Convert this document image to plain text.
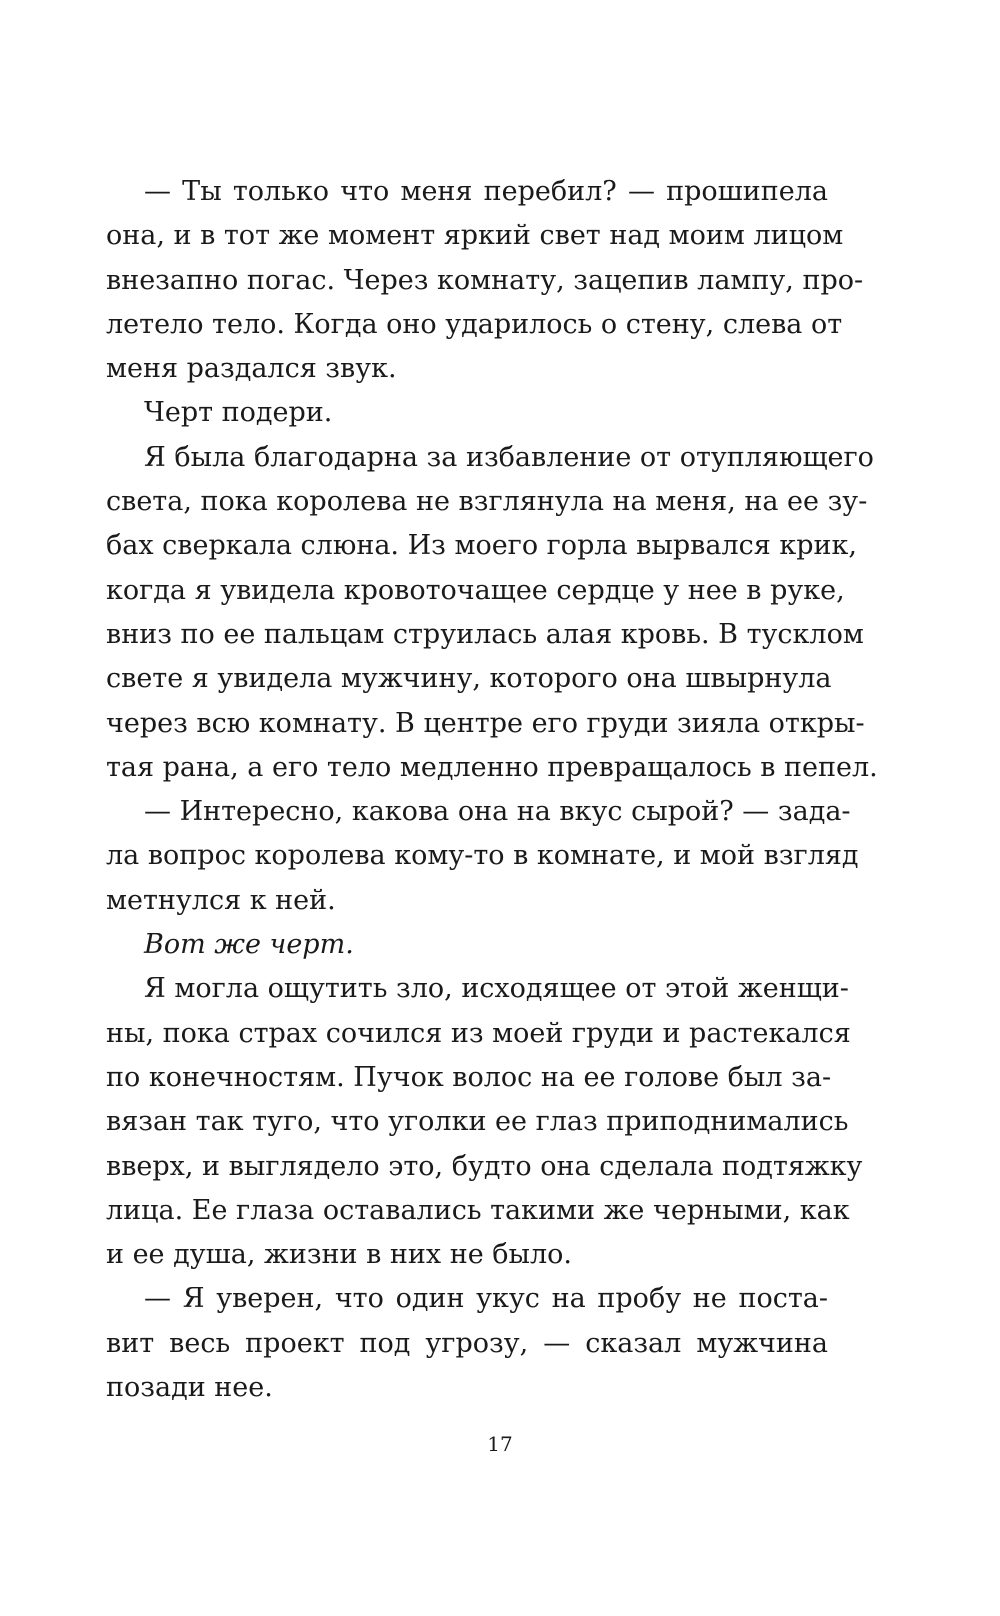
— Ты только что меня перебил? — прошипела
она, и в тот же момент яркий свет над моим лицом
внезапно погас. Через комнату, зацепив лампу, про-
летело тело. Когда оно ударилось о стену, слева от
меня раздался звук.
Черт подери.
Я была благодарна за избавление от отупляющего
света, пока королева не взглянула на меня, на ее зу-
бах сверкала слюна. Из моего горла вырвался крик,
когда я увидела кровоточащее сердце у нее в руке,
вниз по ее пальцам струилась алая кровь. В тусклом
свете я увидела мужчину, которого она швырнула
через всю комнату. В центре его груди зияла откры-
тая рана, а его тело медленно превращалось в пепел.
— Интересно, какова она на вкус сырой? — зада-
ла вопрос королева кому-то в комнате, и мой взгляд
метнулся к ней.
Вот же черт.
Я могла ощутить зло, исходящее от этой женщи-
ны, пока страх сочился из моей груди и растекался
по конечностям. Пучок волос на ее голове был за-
вязан так туго, что уголки ее глаз приподнимались
вверх, и выглядело это, будто она сделала подтяжку
лица. Ее глаза оставались такими же черными, как
и ее душа, жизни в них не было.
— Я уверен, что один укус на пробу не поста-
вит весь проект под угрозу, — сказал мужчина
позади нее.
17
